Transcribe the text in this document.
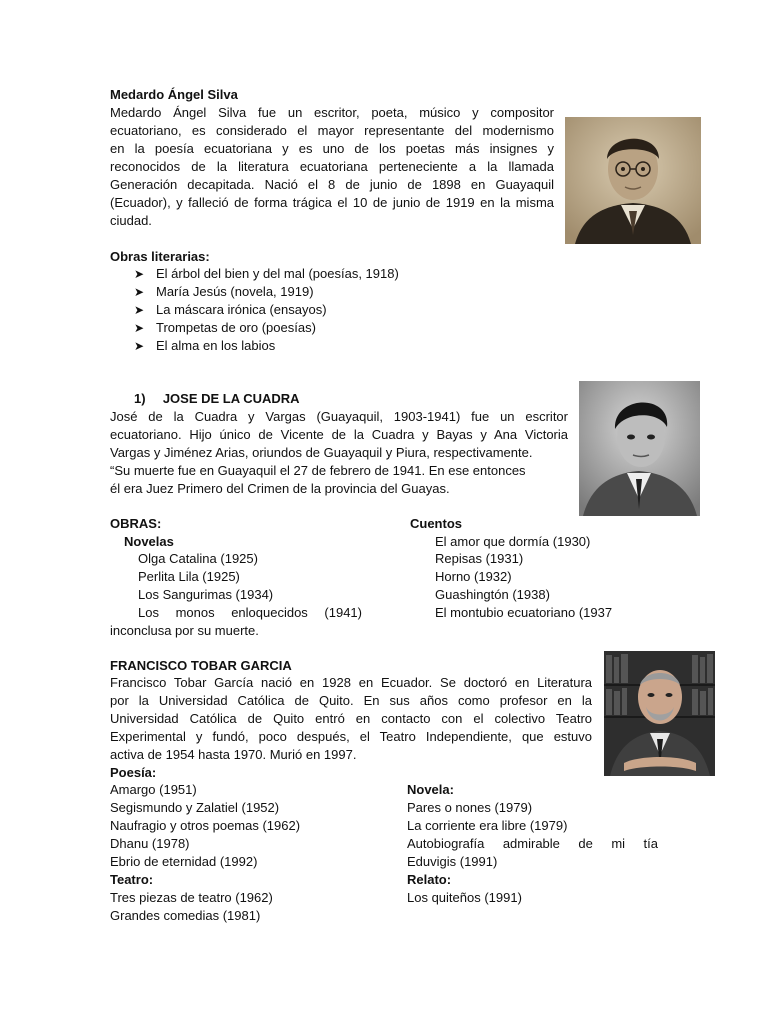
Medardo Ángel Silva
Medardo Ángel Silva fue un escritor, poeta, músico y compositor
ecuatoriano, es considerado el mayor representante del modernismo
en la poesía ecuatoriana y es uno de los poetas más insignes y
reconocidos de la literatura ecuatoriana perteneciente a la llamada
Generación decapitada. Nació el 8 de junio de 1898 en Guayaquil
(Ecuador), y falleció de forma trágica el 10 de junio de 1919 en la misma
ciudad.
Obras literarias:
➤ El árbol del bien y del mal (poesías, 1918)
➤ María Jesús (novela, 1919)
➤ La máscara irónica (ensayos)
➤ Trompetas de oro (poesías)
➤ El alma en los labios
1) JOSE DE LA CUADRA
José de la Cuadra y Vargas (Guayaquil, 1903-1941) fue un escritor
ecuatoriano. Hijo único de Vicente de la Cuadra y Bayas y Ana Victoria
Vargas y Jiménez Arias, oriundos de Guayaquil y Piura, respectivamente.
“Su muerte fue en Guayaquil el 27 de febrero de 1941. En ese entonces
él era Juez Primero del Crimen de la provincia del Guayas.
OBRAS:
Novelas
Olga Catalina (1925)
Perlita Lila (1925)
Los Sangurimas (1934)
Los monos enloquecidos (1941)
inconclusa por su muerte.
Cuentos
El amor que dormía (1930)
Repisas (1931)
Horno (1932)
Guashingtón (1938)
El montubio ecuatoriano (1937
FRANCISCO TOBAR GARCIA
Francisco Tobar García nació en 1928 en Ecuador. Se doctoró en Literatura
por la Universidad Católica de Quito. En sus años como profesor en la
Universidad Católica de Quito entró en contacto con el colectivo Teatro
Experimental y fundó, poco después, el Teatro Independiente, que estuvo
activa de 1954 hasta 1970. Murió en 1997.
Poesía:
Amargo (1951)
Segismundo y Zalatiel (1952)
Naufragio y otros poemas (1962)
Dhanu (1978)
Ebrio de eternidad (1992)
Teatro:
Tres piezas de teatro (1962)
Grandes comedias (1981)
Novela:
Pares o nones (1979)
La corriente era libre (1979)
Autobiografía admirable de mi tía
Eduvigis (1991)
Relato:
Los quiteños (1991)
